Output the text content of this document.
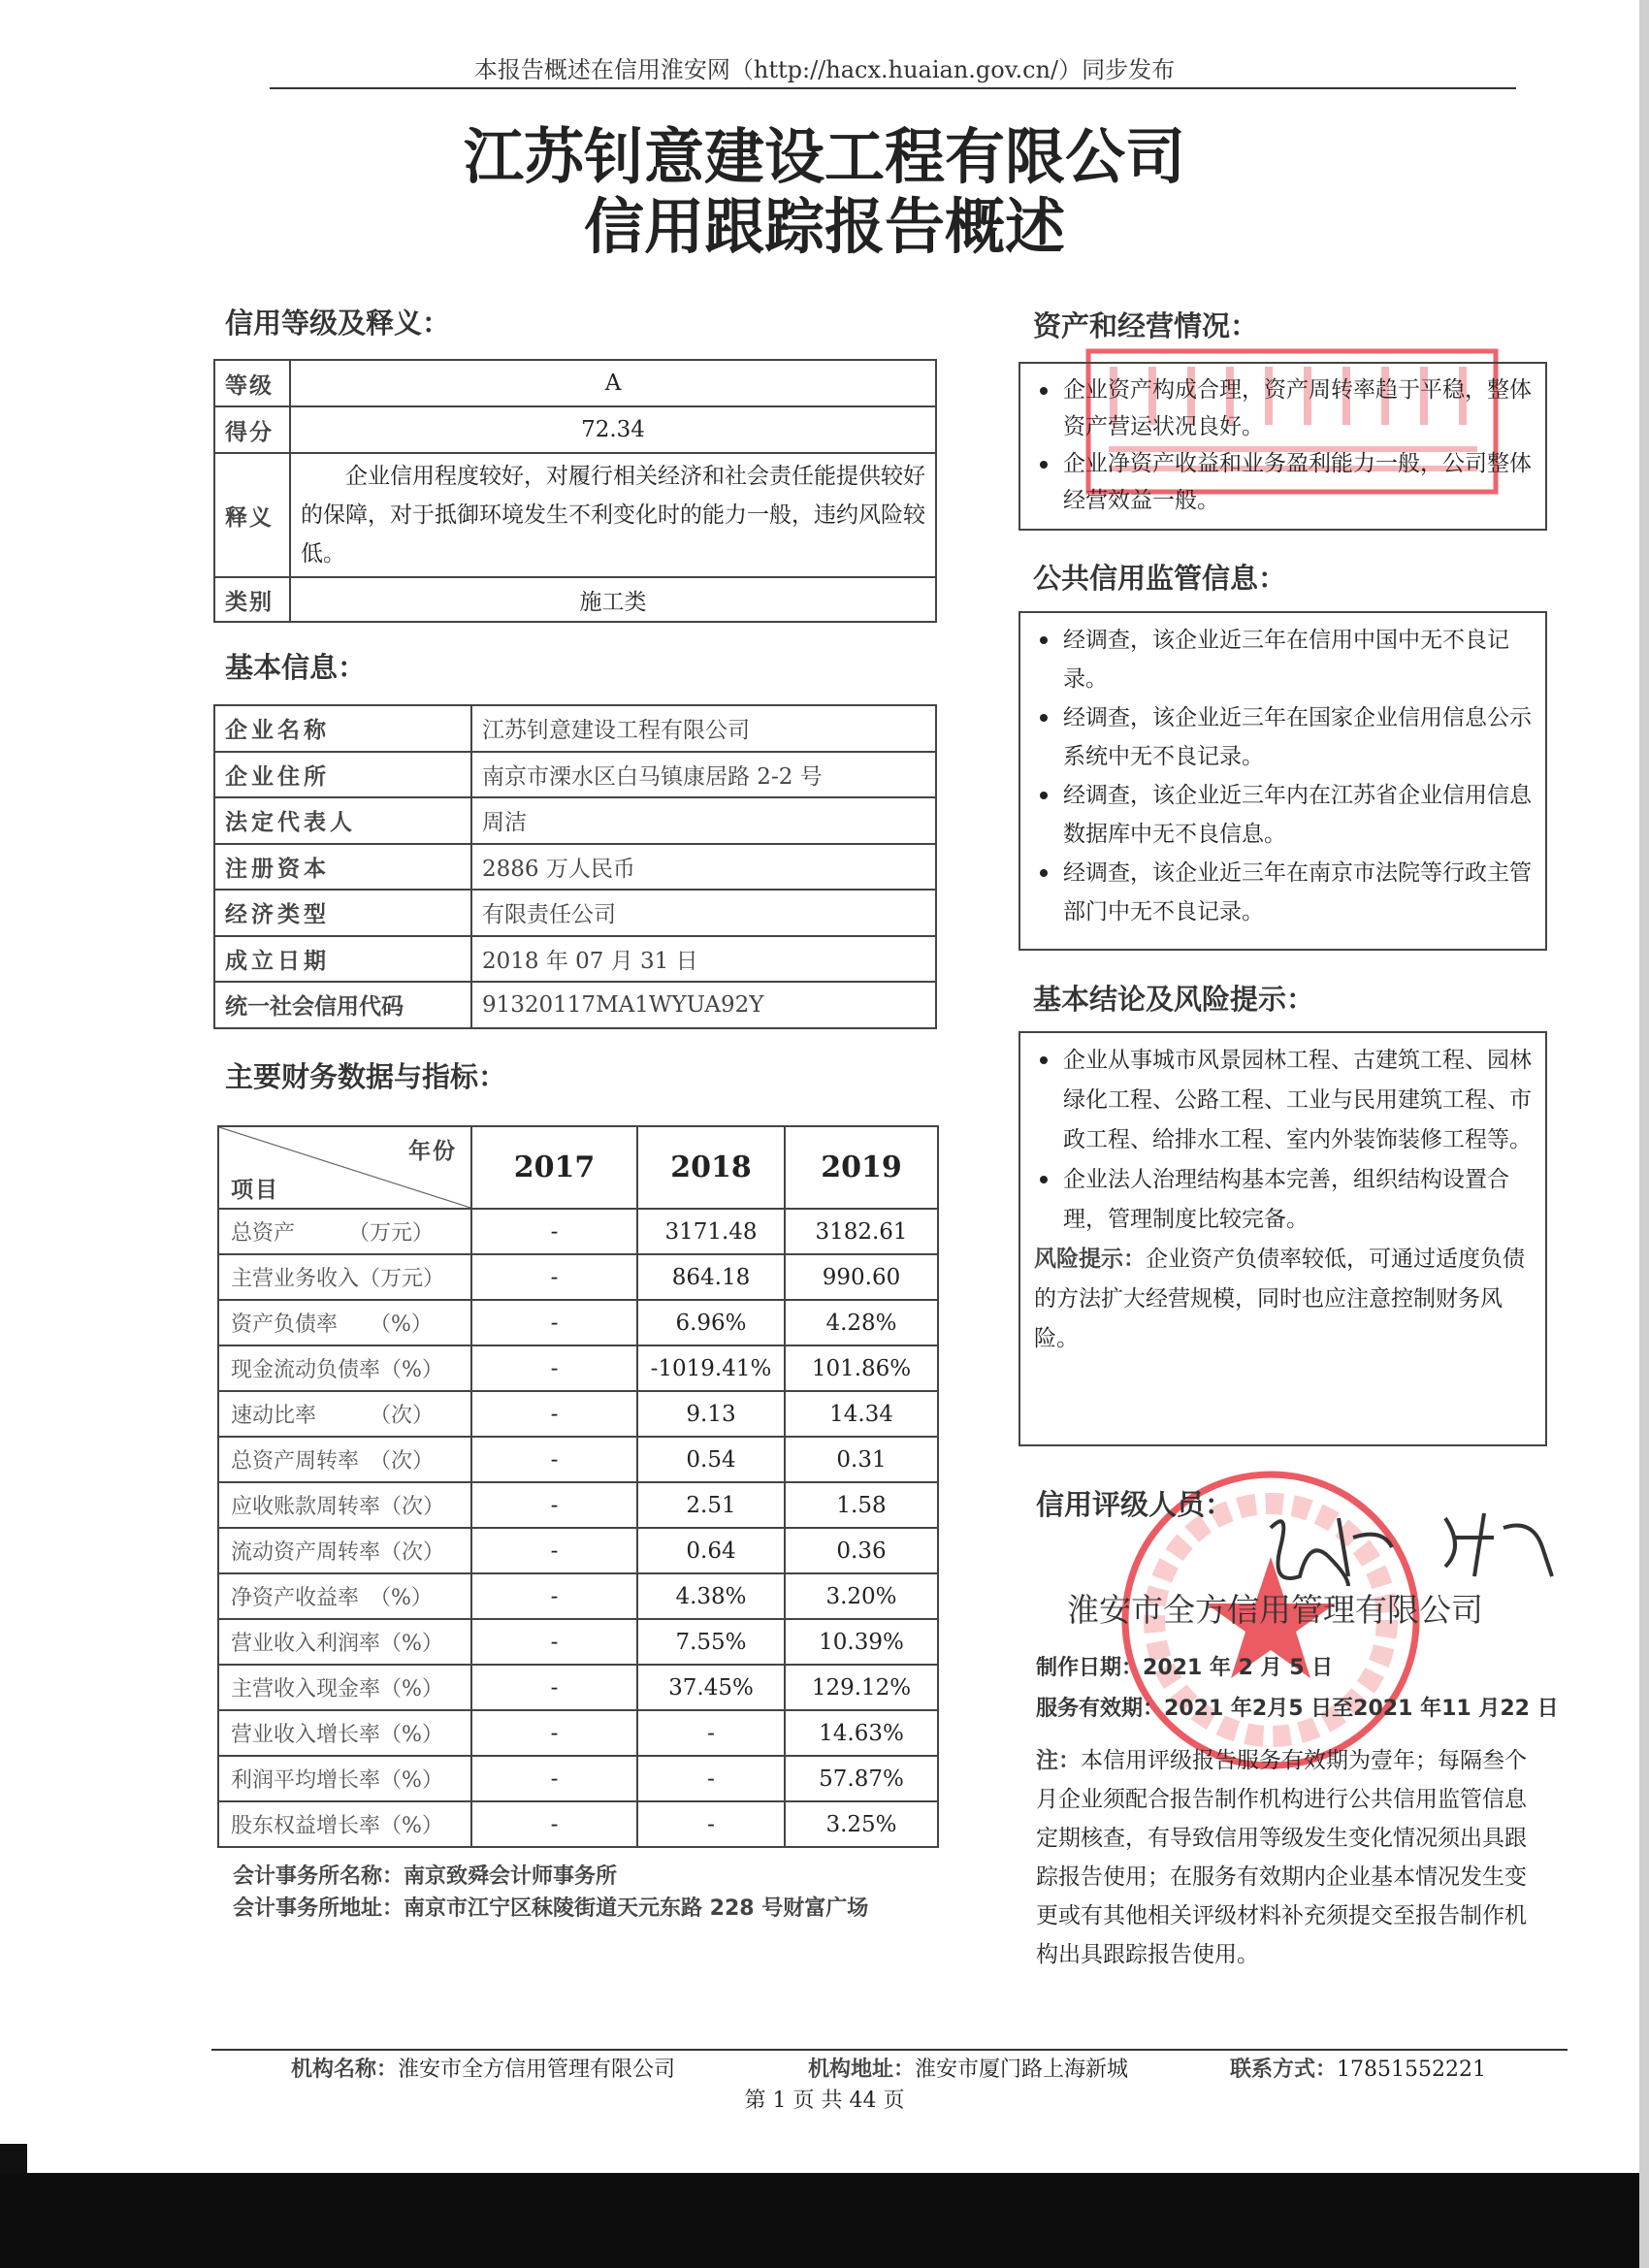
本报告概述在信用淮安网（http://hacx.huaian.gov.cn/）同步发布
江苏钊意建设工程有限公司
信用跟踪报告概述
信用等级及释义：
等级	A
得分	72.34
释义	企业信用程度较好，对履行相关经济和社会责任能提供较好的保障，对于抵御环境发生不利变化时的能力一般，违约风险较低。
类别	施工类
基本信息：
企业名称	江苏钊意建设工程有限公司
企业住所	南京市溧水区白马镇康居路 2-2 号
法定代表人	周洁
注册资本	2886 万人民币
经济类型	有限责任公司
成立日期	2018 年 07 月 31 日
统一社会信用代码	91320117MA1WYUA92Y
主要财务数据与指标：
年份
项目	2017	2018	2019
总资产　　　（万元）	-	3171.48	3182.61
主营业务收入（万元）	-	864.18	990.60
资产负债率　　（%）	-	6.96%	4.28%
现金流动负债率（%）	-	-1019.41%	101.86%
速动比率　　　（次）	-	9.13	14.34
总资产周转率　（次）	-	0.54	0.31
应收账款周转率（次）	-	2.51	1.58
流动资产周转率（次）	-	0.64	0.36
净资产收益率　（%）	-	4.38%	3.20%
营业收入利润率（%）	-	7.55%	10.39%
主营收入现金率（%）	-	37.45%	129.12%
营业收入增长率（%）	-	-	14.63%
利润平均增长率（%）	-	-	57.87%
股东权益增长率（%）	-	-	3.25%
会计事务所名称：南京致舜会计师事务所
会计事务所地址：南京市江宁区秣陵街道天元东路 228 号财富广场
资产和经营情况：
企业资产构成合理，资产周转率趋于平稳，整体资产营运状况良好。
企业净资产收益和业务盈利能力一般，公司整体经营效益一般。
公共信用监管信息：
经调查，该企业近三年在信用中国中无不良记录。
经调查，该企业近三年在国家企业信用信息公示系统中无不良记录。
经调查，该企业近三年内在江苏省企业信用信息数据库中无不良信息。
经调查，该企业近三年在南京市法院等行政主管部门中无不良记录。
基本结论及风险提示：
企业从事城市风景园林工程、古建筑工程、园林绿化工程、公路工程、工业与民用建筑工程、市政工程、给排水工程、室内外装饰装修工程等。
企业法人治理结构基本完善，组织结构设置合理，管理制度比较完备。
风险提示：企业资产负债率较低，可通过适度负债的方法扩大经营规模，同时也应注意控制财务风险。
信用评级人员：
淮安市全方信用管理有限公司
制作日期：2021 年 2 月 5 日
服务有效期：2021 年2月5 日至2021 年11 月22 日
注：本信用评级报告服务有效期为壹年；每隔叁个月企业须配合报告制作机构进行公共信用监管信息定期核查，有导致信用等级发生变化情况须出具跟踪报告使用；在服务有效期内企业基本情况发生变更或有其他相关评级材料补充须提交至报告制作机构出具跟踪报告使用。
机构名称：淮安市全方信用管理有限公司	机构地址：淮安市厦门路上海新城	联系方式：17851552221
第 1 页 共 44 页
